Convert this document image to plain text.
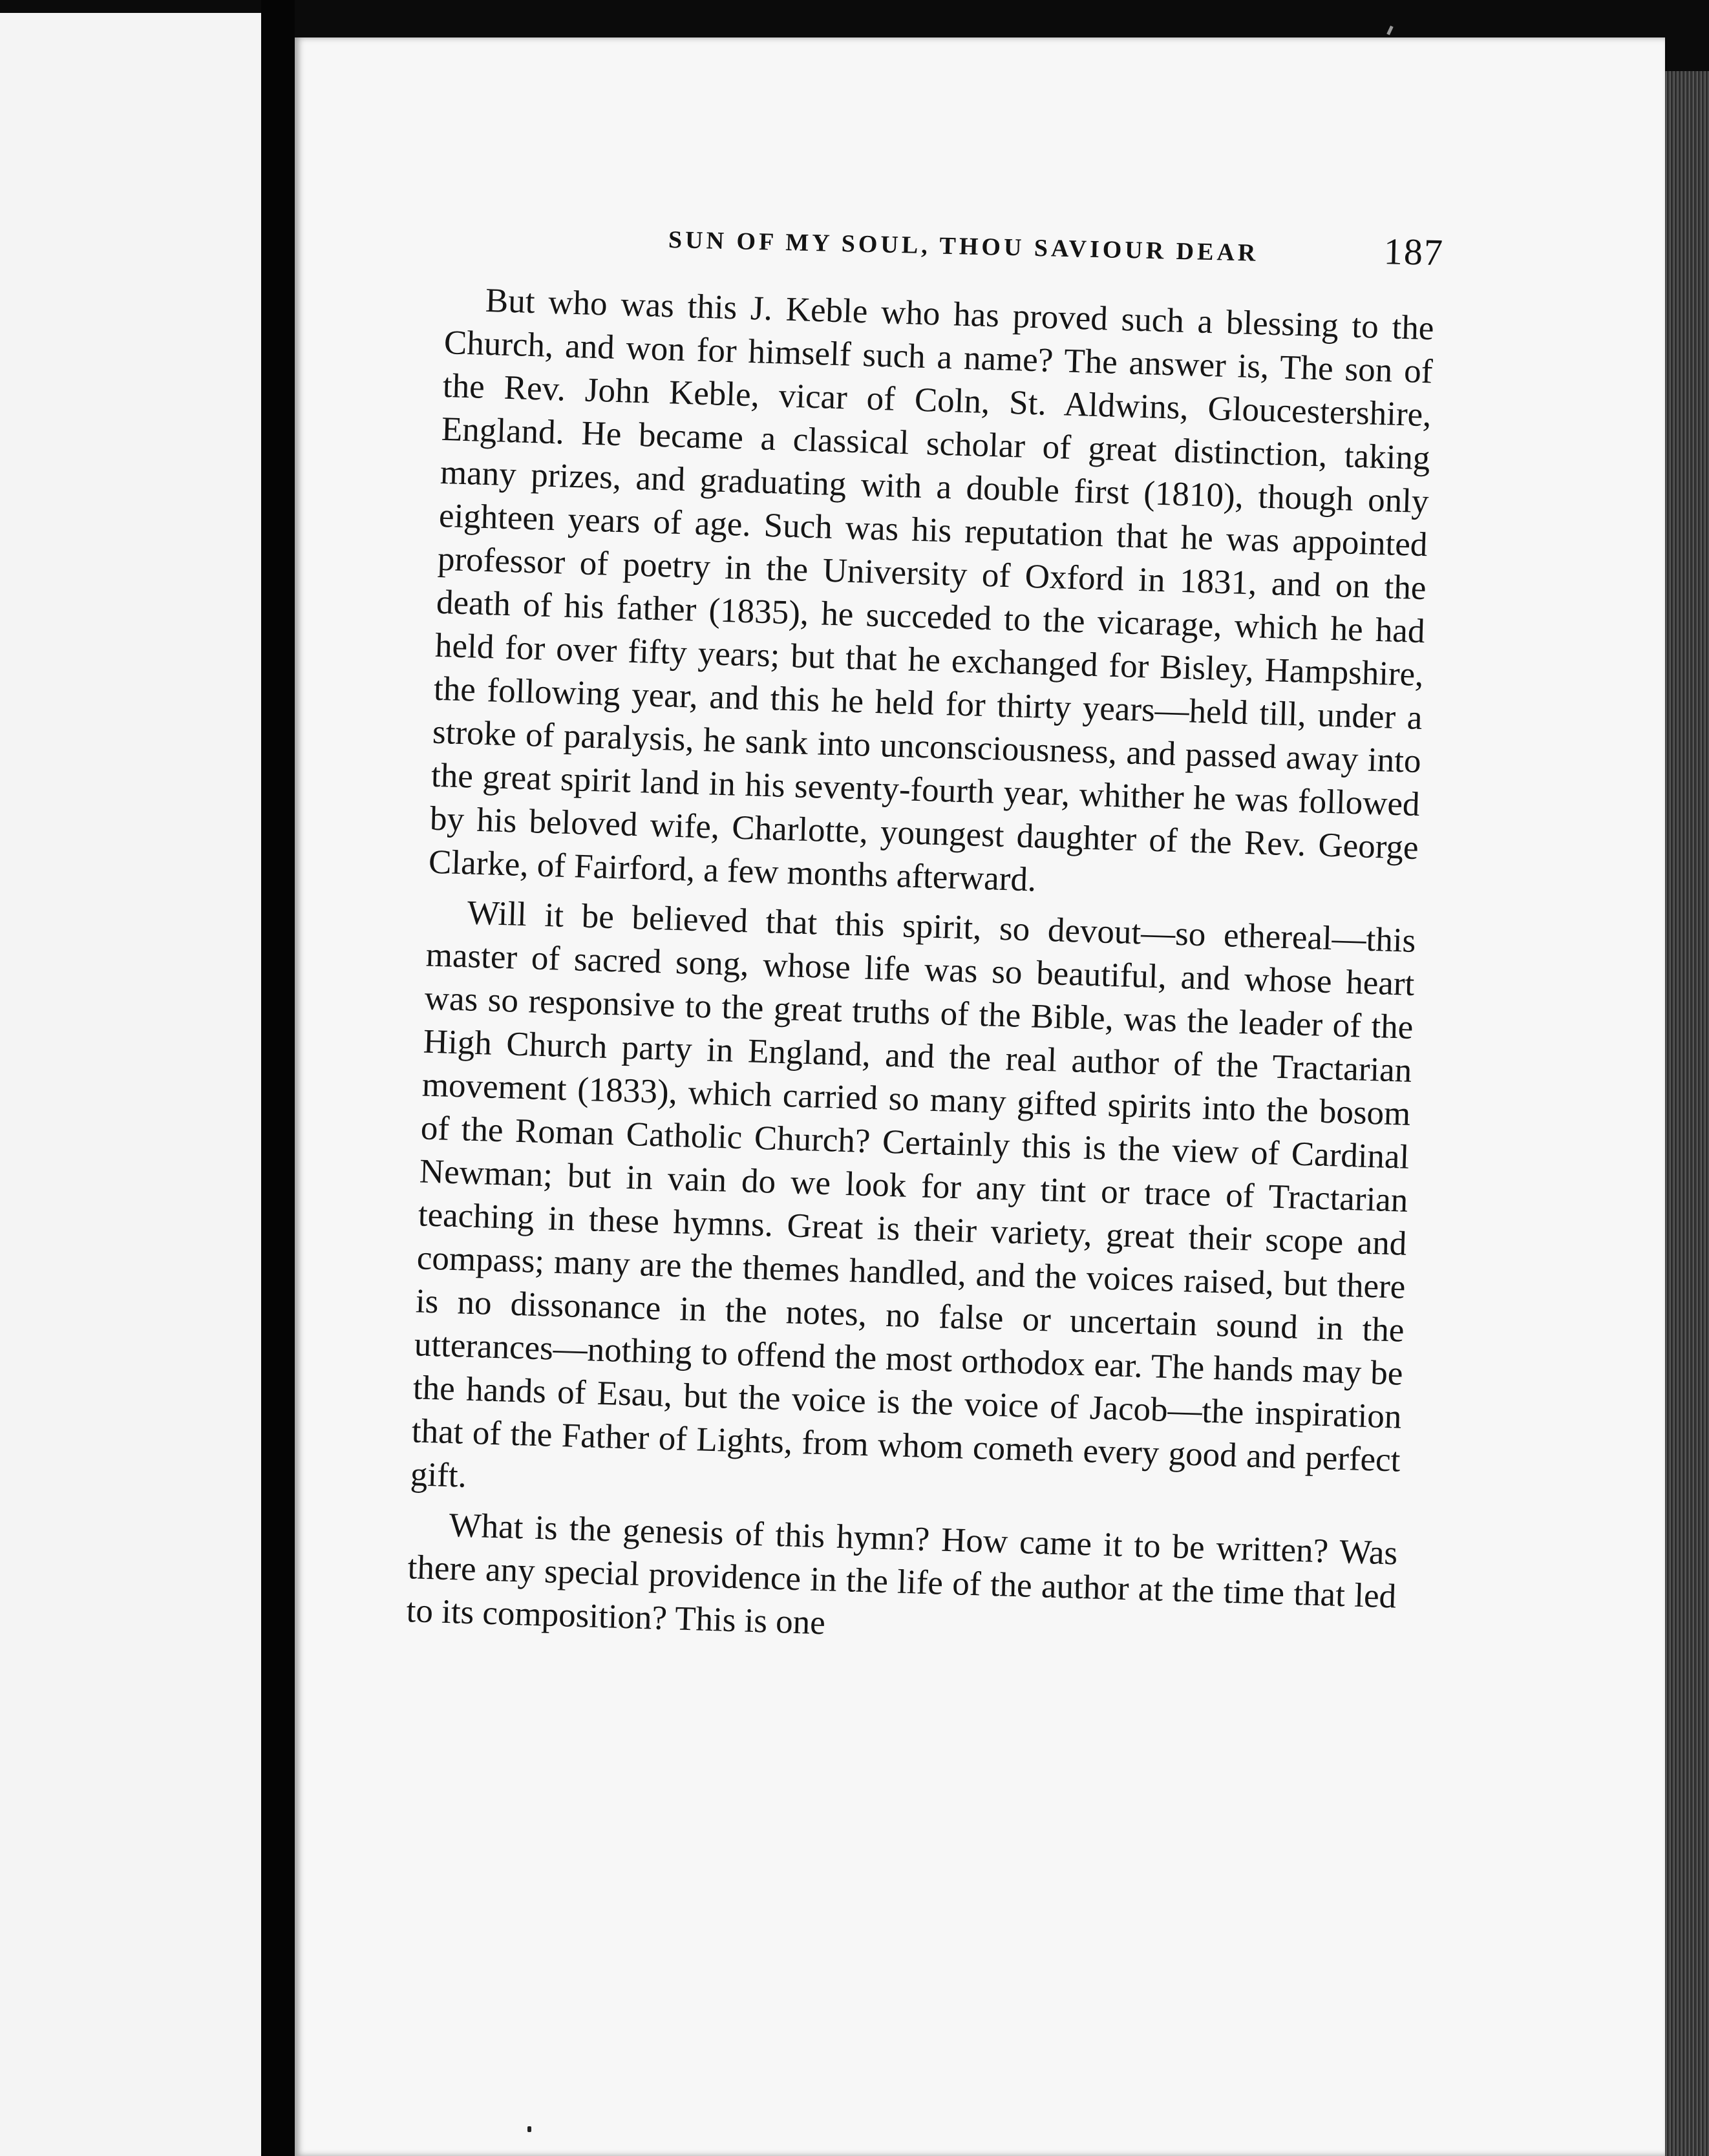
SUN OF MY SOUL, THOU SAVIOUR DEAR	187

But who was this J. Keble who has proved such a blessing to the Church, and won for himself such a name? The answer is, The son of the Rev. John Keble, vicar of Coln, St. Aldwins, Gloucestershire, England. He became a classical scholar of great distinction, taking many prizes, and graduating with a double first (1810), though only eighteen years of age. Such was his reputation that he was appointed professor of poetry in the University of Oxford in 1831, and on the death of his father (1835), he succeded to the vicarage, which he had held for over fifty years; but that he exchanged for Bisley, Hampshire, the following year, and this he held for thirty years—held till, under a stroke of paralysis, he sank into unconsciousness, and passed away into the great spirit land in his seventy-fourth year, whither he was followed by his beloved wife, Charlotte, youngest daughter of the Rev. George Clarke, of Fairford, a few months afterward.

Will it be believed that this spirit, so devout—so ethereal—this master of sacred song, whose life was so beautiful, and whose heart was so responsive to the great truths of the Bible, was the leader of the High Church party in England, and the real author of the Tractarian movement (1833), which carried so many gifted spirits into the bosom of the Roman Catholic Church? Certainly this is the view of Cardinal Newman; but in vain do we look for any tint or trace of Tractarian teaching in these hymns. Great is their variety, great their scope and compass; many are the themes handled, and the voices raised, but there is no dissonance in the notes, no false or uncertain sound in the utterances—nothing to offend the most orthodox ear. The hands may be the hands of Esau, but the voice is the voice of Jacob—the inspiration that of the Father of Lights, from whom cometh every good and perfect gift.

What is the genesis of this hymn? How came it to be written? Was there any special providence in the life of the author at the time that led to its composition? This is one
